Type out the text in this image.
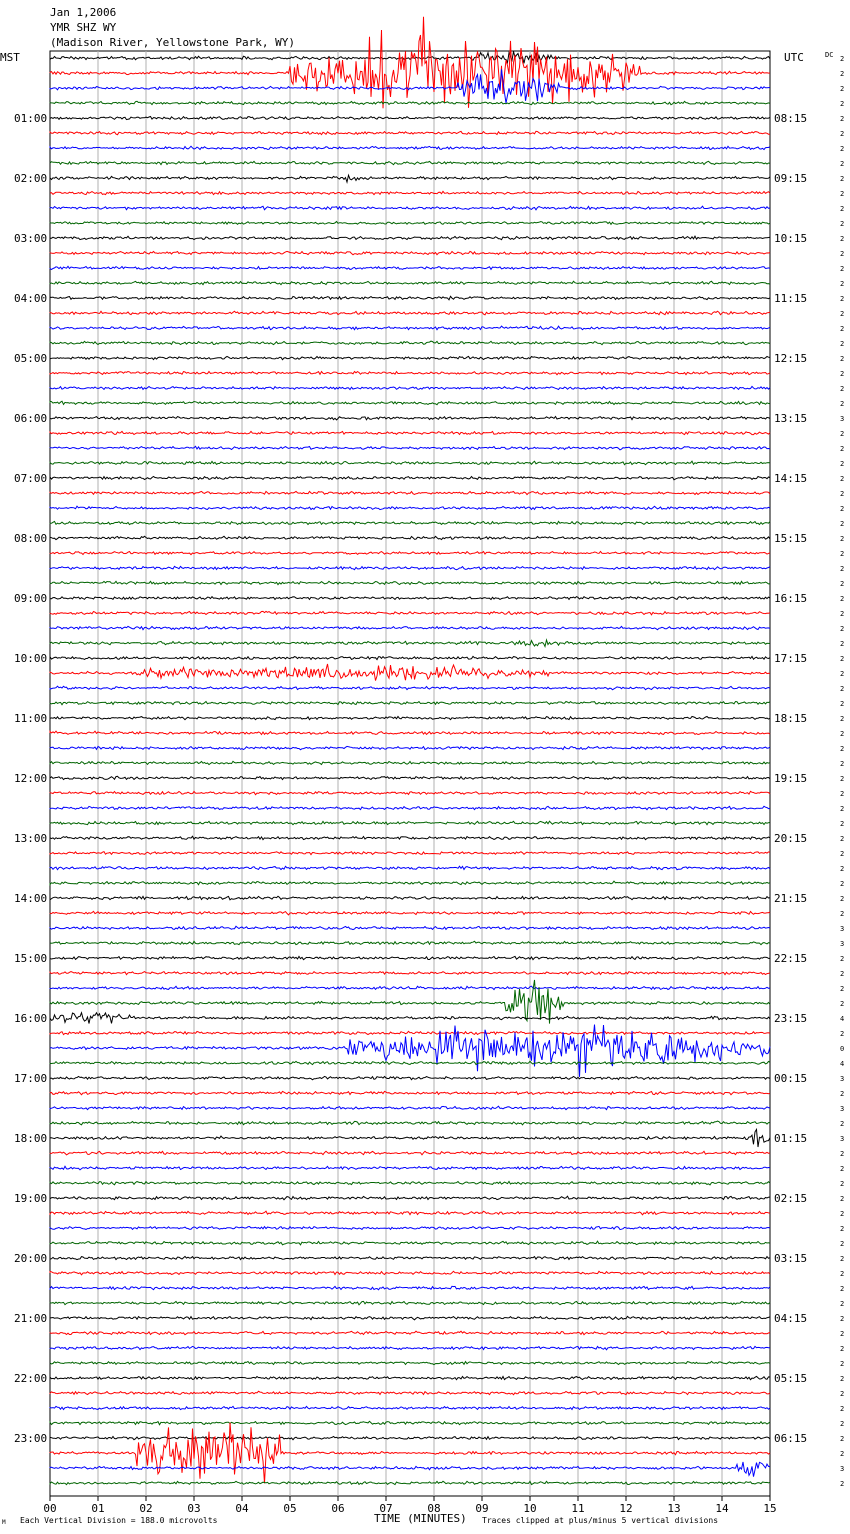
Jan 1,2006
YMR SHZ WY
(Madison River, Yellowstone Park, WY)
MST	UTC	DC
01:00
02:00
03:00
04:00
05:00
06:00
07:00
08:00
09:00
10:00
11:00
12:00
13:00
14:00
15:00
16:00
17:00
18:00
19:00
20:00
21:00
22:00
23:00
08:15
09:15
10:15
11:15
12:15
13:15
14:15
15:15
16:15
17:15
18:15
19:15
20:15
21:15
22:15
23:15
00:15
01:15
02:15
03:15
04:15
05:15
06:15
2
2
2
2
2
2
2
2
2
2
2
2
2
2
2
2
2
2
2
2
2
2
2
2
3
2
2
2
2
2
2
2
2
2
2
2
2
2
2
2
2
2
2
2
2
2
2
2
2
2
2
2
2
2
2
2
2
2
3
3
2
2
2
2
4
2
0
4
3
2
3
2
3
2
2
2
2
2
2
2
2
2
2
2
2
2
2
2
2
2
2
2
2
2
3
2
00	01	02	03	04	05	06	07	08	09	10	11	12	13	14	15
M Each Vertical Division = 188.0 microvolts	TIME (MINUTES) Traces clipped at plus/minus 5 vertical divisions
